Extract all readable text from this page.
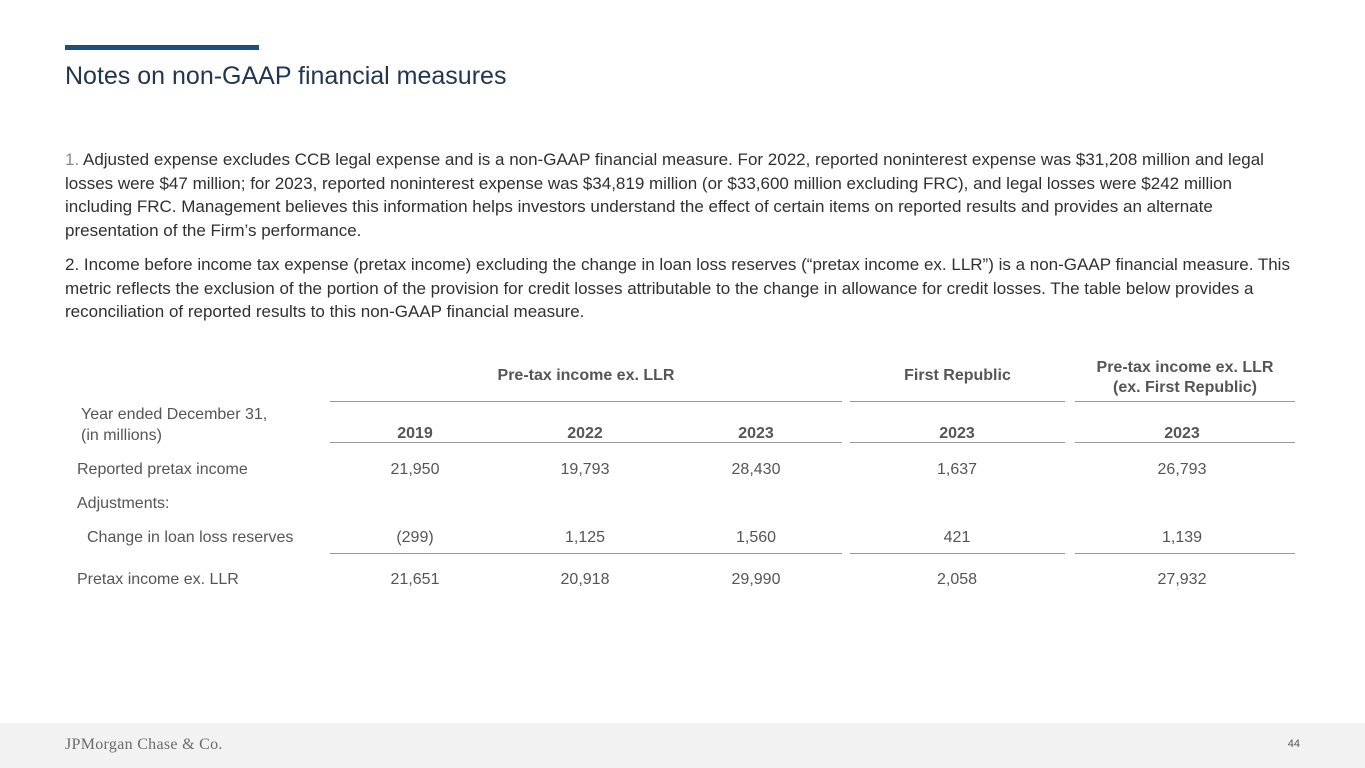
Notes on non-GAAP financial measures

1. Adjusted expense excludes CCB legal expense and is a non-GAAP financial measure. For 2022, reported noninterest expense was $31,208 million and legal losses were $47 million; for 2023, reported noninterest expense was $34,819 million (or $33,600 million excluding FRC), and legal losses were $242 million including FRC. Management believes this information helps investors understand the effect of certain items on reported results and provides an alternate presentation of the Firm’s performance.

2. Income before income tax expense (pretax income) excluding the change in loan loss reserves (“pretax income ex. LLR”) is a non-GAAP financial measure. This metric reflects the exclusion of the portion of the provision for credit losses attributable to the change in allowance for credit losses. The table below provides a reconciliation of reported results to this non-GAAP financial measure.

Pre-tax income ex. LLR	First Republic	Pre-tax income ex. LLR
(ex. First Republic)
Year ended December 31,
(in millions)	2019	2022	2023	2023	2023
Reported pretax income	21,950	19,793	28,430	1,637	26,793
Adjustments:
Change in loan loss reserves	(299)	1,125	1,560	421	1,139
Pretax income ex. LLR	21,651	20,918	29,990	2,058	27,932
JPMorgan Chase & Co.	44
